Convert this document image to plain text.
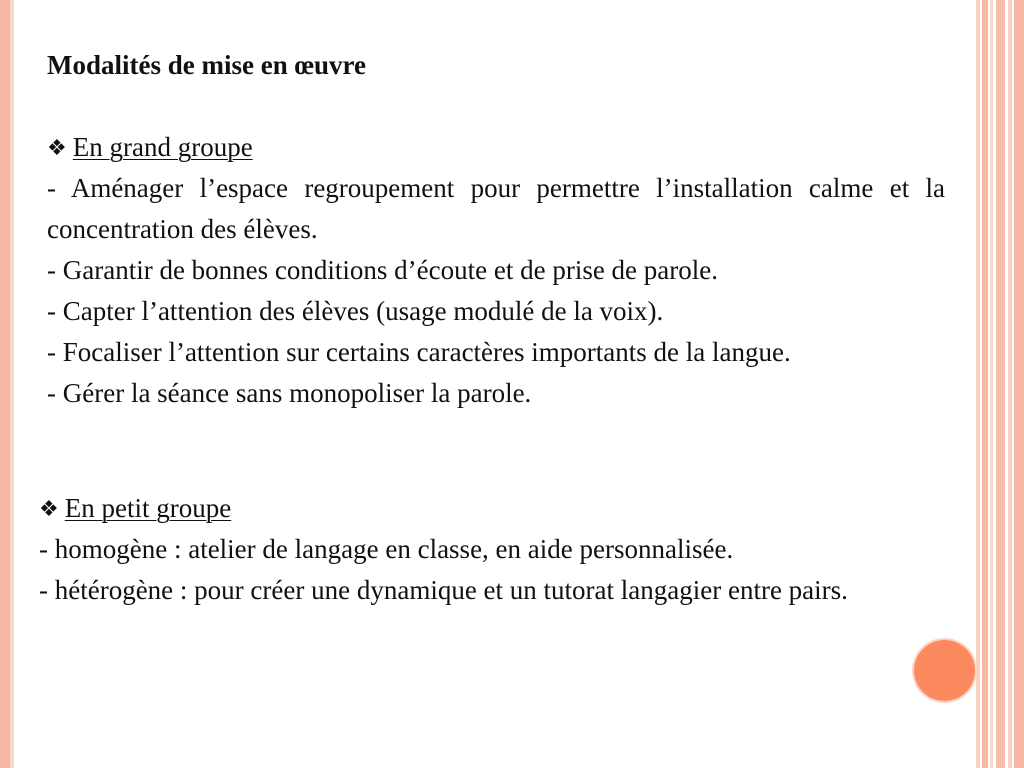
Modalités de mise en œuvre
❖ En grand groupe

- Aménager l’espace regroupement pour permettre l’installation calme et la concentration des élèves.

- Garantir de bonnes conditions d’écoute et de prise de parole.

- Capter l’attention des élèves (usage modulé de la voix).

- Focaliser l’attention sur certains caractères importants de la langue.

- Gérer la séance sans monopoliser la parole.

❖ En petit groupe

- homogène : atelier de langage en classe, en aide personnalisée.

- hétérogène : pour créer une dynamique et un tutorat langagier entre pairs.
